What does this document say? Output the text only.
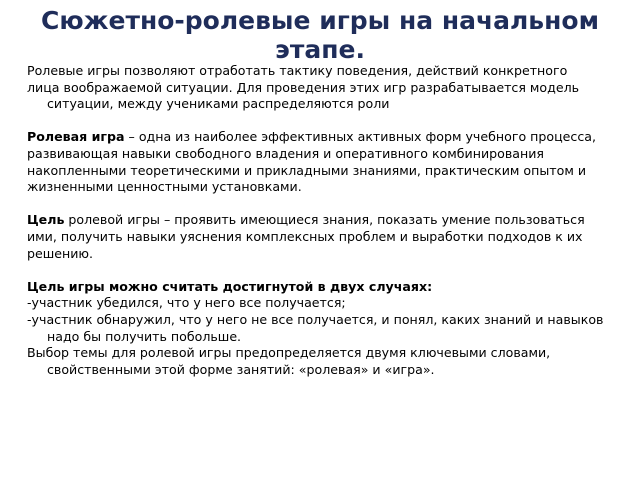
Сюжетно-ролевые игры на начальном этапе.

Ролевые игры позволяют отработать тактику поведения, действий конкретного

лица воображаемой ситуации. Для проведения этих игр разрабатывается модель ситуации, между учениками распределяются роли

Ролевая игра – одна из наиболее эффективных активных форм учебного процесса,

развивающая навыки свободного владения и оперативного комбинирования

накопленными теоретическими и прикладными знаниями, практическим опытом и

жизненными ценностными установками.

Цель ролевой игры – проявить имеющиеся знания, показать умение пользоваться

ими, получить навыки уяснения комплексных проблем и выработки подходов к их

решению.

Цель игры можно считать достигнутой в двух случаях:

-участник убедился, что у него все получается;

-участник обнаружил, что у него не все получается, и понял, каких знаний и навыков надо бы получить побольше.

Выбор темы для ролевой игры предопределяется двумя ключевыми словами, свойственными этой форме занятий: «ролевая» и «игра».
